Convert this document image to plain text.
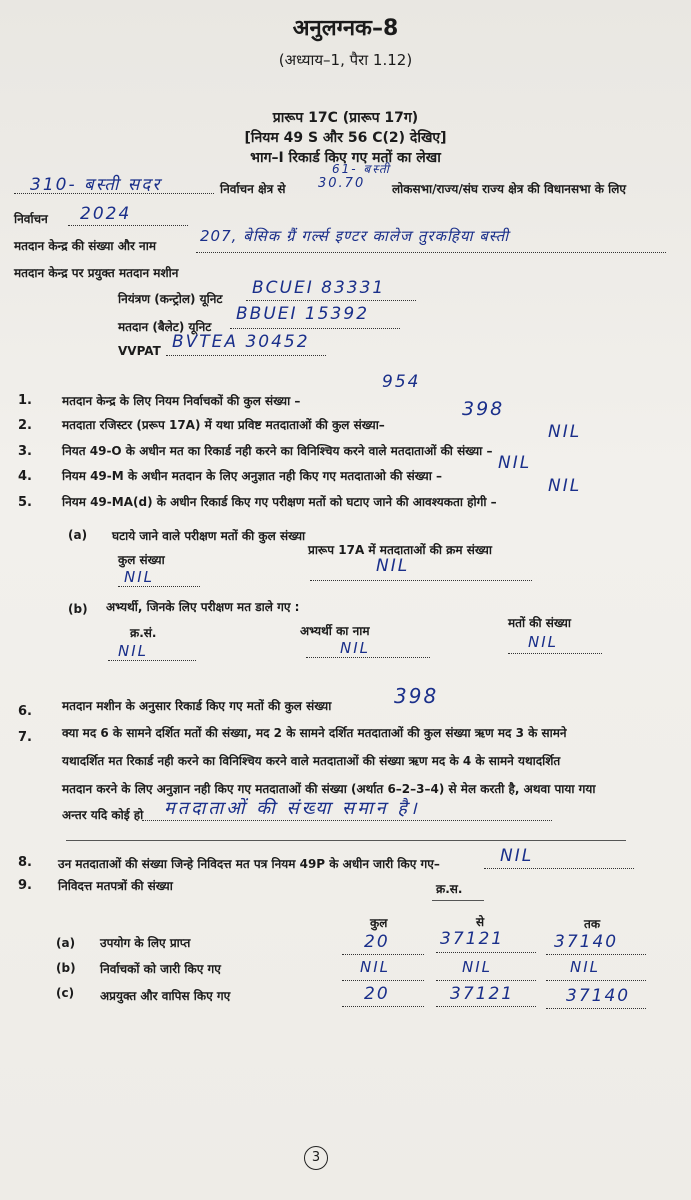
अनुलग्नक–8
(अध्याय–1, पैरा 1.12)
प्रारूप 17C (प्रारूप 17ग)
[नियम 49 S और 56 C(2) देखिए]
भाग–I रिकार्ड किए गए मतों का लेखा
310- बस्ती सदर	निर्वाचन क्षेत्र से
61- बस्ती
30.70 लोकसभा/राज्य/संघ राज्य क्षेत्र की विधानसभा के लिए
निर्वाचन 2024
मतदान केन्द्र की संख्या और नाम
207, बेसिक ग्रैं गर्ल्स इण्टर कालेज तुरकहिया बस्ती
मतदान केन्द्र पर प्रयुक्त मतदान मशीन
नियंत्रण (कन्ट्रोल) यूनिट
BCUEI 83331
मतदान (बैलेट) यूनिट
BBUEI 15392
VVPAT BVTEA 30452
1.	मतदान केन्द्र के लिए नियम निर्वाचकों की कुल संख्या –
954
2.	मतदाता रजिस्टर (प्ररूप 17A) में यथा प्रविष्ट मतदाताओं की कुल संख्या–
398
3.	नियत 49-O के अधीन मत का रिकार्ड नही करने का विनिश्चिय करने वाले मतदाताओं की संख्या –
NIL
4.	नियम 49-M के अधीन मतदान के लिए अनुज्ञात नही किए गए मतदाताओ की संख्या –
NIL
5.	नियम 49-MA(d) के अधीन रिकार्ड किए गए परीक्षण मतों को घटाए जाने की आवश्यकता होगी –
NIL
(a) घटाये जाने वाले परीक्षण मतों की कुल संख्या
कुल संख्या
प्रारूप 17A में मतदाताओं की क्रम संख्या
NIL
NIL
(b) अभ्यर्थी, जिनके लिए परीक्षण मत डाले गए :
क्र.सं.	अभ्यर्थी का नाम
मतों की संख्या
NIL	NIL	NIL
6.	मतदान मशीन के अनुसार रिकार्ड किए गए मतों की कुल संख्या	398
7.	क्या मद 6 के सामने दर्शित मतों की संख्या, मद 2 के सामने दर्शित मतदाताओं की कुल संख्या ऋण मद 3 के सामने
यथादर्शित मत रिकार्ड नही करने का विनिश्चिय करने वाले मतदाताओं की संख्या ऋण मद के 4 के सामने यथादर्शित
मतदान करने के लिए अनुज्ञान नही किए गए मतदाताओं की संख्या (अर्थात 6–2–3–4) से मेल करती है, अथवा पाया गया
अन्तर यदि कोई हो मतदाताओं की संख्या समान है।
8. उन मतदाताओं की संख्या जिन्हे निविदत्त मत पत्र नियम 49P के अधीन जारी किए गए–	NIL
9. निविदत्त मतपत्रों की संख्या	क्र.स.
कुल	से	तक
(a) उपयोग के लिए प्राप्त	20	37121	37140
(b) निर्वाचकों को जारी किए गए	NIL	NIL	NIL
(c) अप्रयुक्त और वापिस किए गए	20	37121	37140
3
